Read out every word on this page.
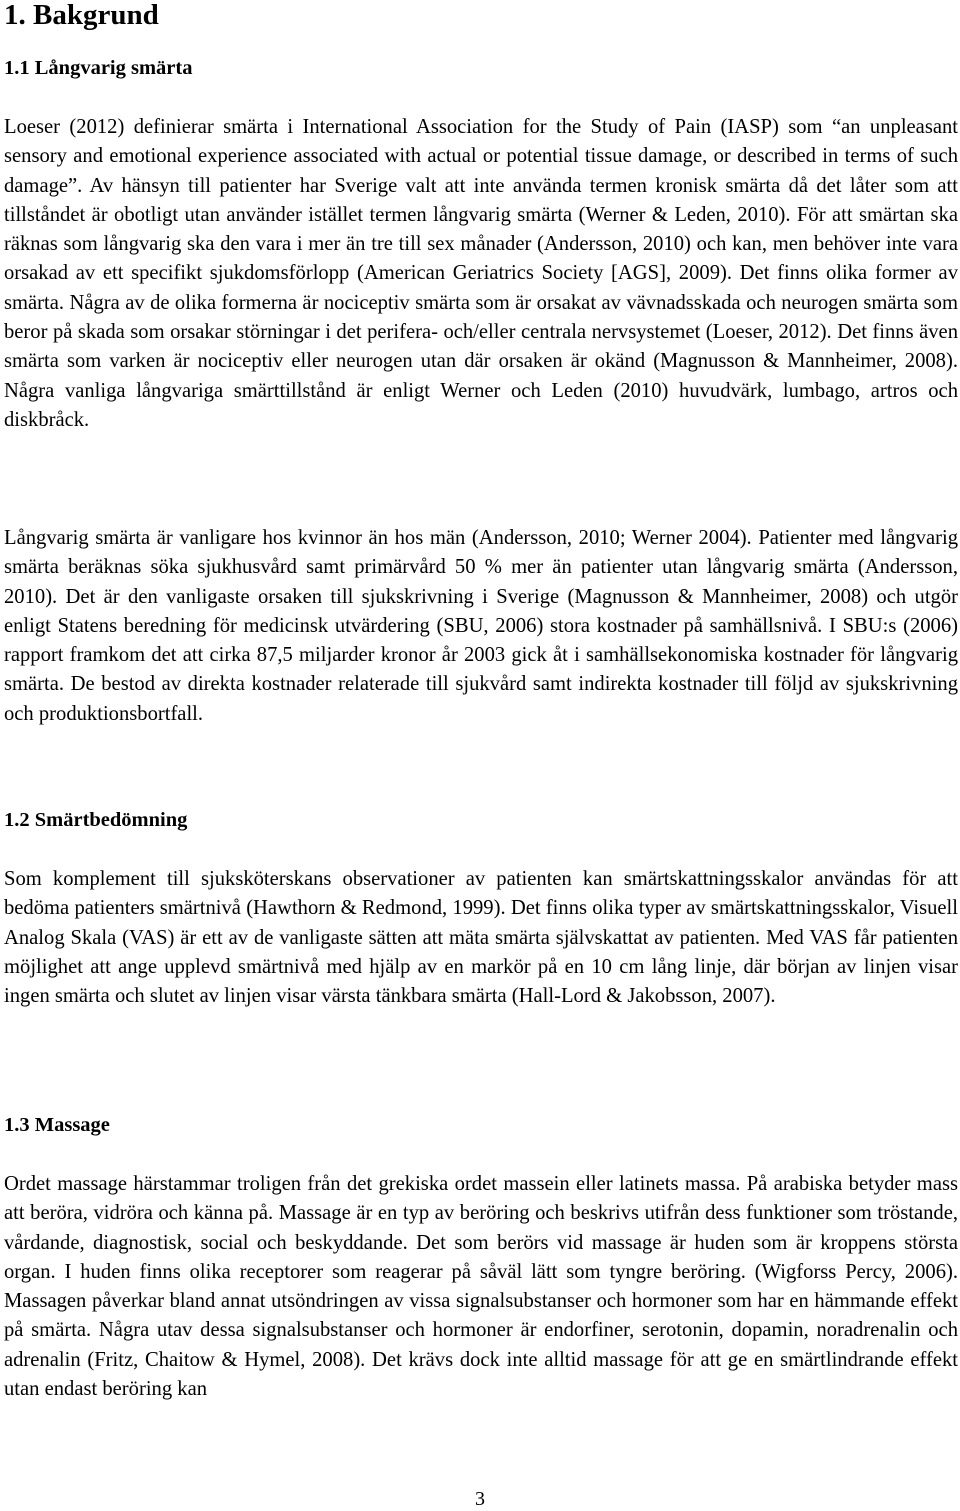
1. Bakgrund
1.1 Långvarig smärta

Loeser (2012) definierar smärta i International Association for the Study of Pain (IASP) som “an unpleasant sensory and emotional experience associated with actual or potential tissue damage, or described in terms of such damage”. Av hänsyn till patienter har Sverige valt att inte använda termen kronisk smärta då det låter som att tillståndet är obotligt utan använder istället termen långvarig smärta (Werner & Leden, 2010). För att smärtan ska räknas som långvarig ska den vara i mer än tre till sex månader (Andersson, 2010) och kan, men behöver inte vara orsakad av ett specifikt sjukdomsförlopp (American Geriatrics Society [AGS], 2009). Det finns olika former av smärta. Några av de olika formerna är nociceptiv smärta som är orsakat av vävnadsskada och neurogen smärta som beror på skada som orsakar störningar i det perifera- och/eller centrala nervsystemet (Loeser, 2012). Det finns även smärta som varken är nociceptiv eller neurogen utan där orsaken är okänd (Magnusson & Mannheimer, 2008). Några vanliga långvariga smärttillstånd är enligt Werner och Leden (2010) huvudvärk, lumbago, artros och diskbråck.

Långvarig smärta är vanligare hos kvinnor än hos män (Andersson, 2010; Werner 2004). Patienter med långvarig smärta beräknas söka sjukhusvård samt primärvård 50 % mer än patienter utan långvarig smärta (Andersson, 2010). Det är den vanligaste orsaken till sjukskrivning i Sverige (Magnusson & Mannheimer, 2008) och utgör enligt Statens beredning för medicinsk utvärdering (SBU, 2006) stora kostnader på samhällsnivå. I SBU:s (2006) rapport framkom det att cirka 87,5 miljarder kronor år 2003 gick åt i samhällsekonomiska kostnader för långvarig smärta. De bestod av direkta kostnader relaterade till sjukvård samt indirekta kostnader till följd av sjukskrivning och produktionsbortfall.

1.2 Smärtbedömning

Som komplement till sjuksköterskans observationer av patienten kan smärtskattningsskalor användas för att bedöma patienters smärtnivå (Hawthorn & Redmond, 1999). Det finns olika typer av smärtskattningsskalor, Visuell Analog Skala (VAS) är ett av de vanligaste sätten att mäta smärta självskattat av patienten. Med VAS får patienten möjlighet att ange upplevd smärtnivå med hjälp av en markör på en 10 cm lång linje, där början av linjen visar ingen smärta och slutet av linjen visar värsta tänkbara smärta (Hall-Lord & Jakobsson, 2007).

1.3 Massage

Ordet massage härstammar troligen från det grekiska ordet massein eller latinets massa. På arabiska betyder mass att beröra, vidröra och känna på. Massage är en typ av beröring och beskrivs utifrån dess funktioner som tröstande, vårdande, diagnostisk, social och beskyddande. Det som berörs vid massage är huden som är kroppens största organ. I huden finns olika receptorer som reagerar på såväl lätt som tyngre beröring. (Wigforss Percy, 2006). Massagen påverkar bland annat utsöndringen av vissa signalsubstanser och hormoner som har en hämmande effekt på smärta. Några utav dessa signalsubstanser och hormoner är endorfiner, serotonin, dopamin, noradrenalin och adrenalin (Fritz, Chaitow & Hymel, 2008). Det krävs dock inte alltid massage för att ge en smärtlindrande effekt utan endast beröring kan

3
